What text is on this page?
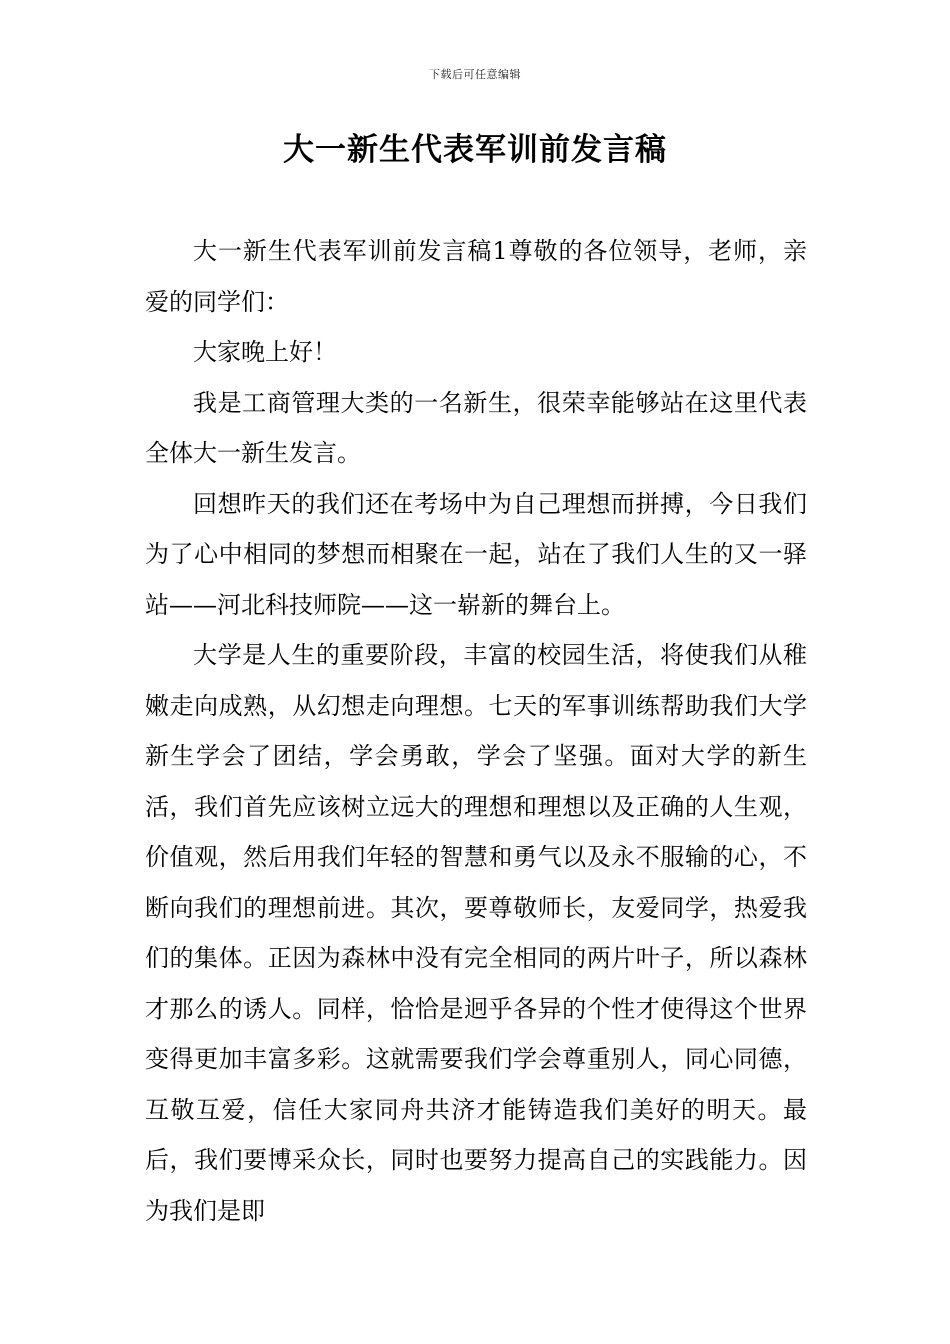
下载后可任意编辑
大一新生代表军训前发言稿

大一新生代表军训前发言稿1尊敬的各位领导，老师，亲爱的同学们：

大家晚上好！

我是工商管理大类的一名新生，很荣幸能够站在这里代表全体大一新生发言。

回想昨天的我们还在考场中为自己理想而拼搏，今日我们为了心中相同的梦想而相聚在一起，站在了我们人生的又一驿站——河北科技师院——这一崭新的舞台上。

大学是人生的重要阶段，丰富的校园生活，将使我们从稚嫩走向成熟，从幻想走向理想。七天的军事训练帮助我们大学新生学会了团结，学会勇敢，学会了坚强。面对大学的新生活，我们首先应该树立远大的理想和理想以及正确的人生观，价值观，然后用我们年轻的智慧和勇气以及永不服输的心，不断向我们的理想前进。其次，要尊敬师长，友爱同学，热爱我们的集体。正因为森林中没有完全相同的两片叶子，所以森林才那么的诱人。同样，恰恰是迥乎各异的个性才使得这个世界变得更加丰富多彩。这就需要我们学会尊重别人，同心同德，互敬互爱，信任大家同舟共济才能铸造我们美好的明天。最后，我们要博采众长，同时也要努力提高自己的实践能力。因为我们是即
